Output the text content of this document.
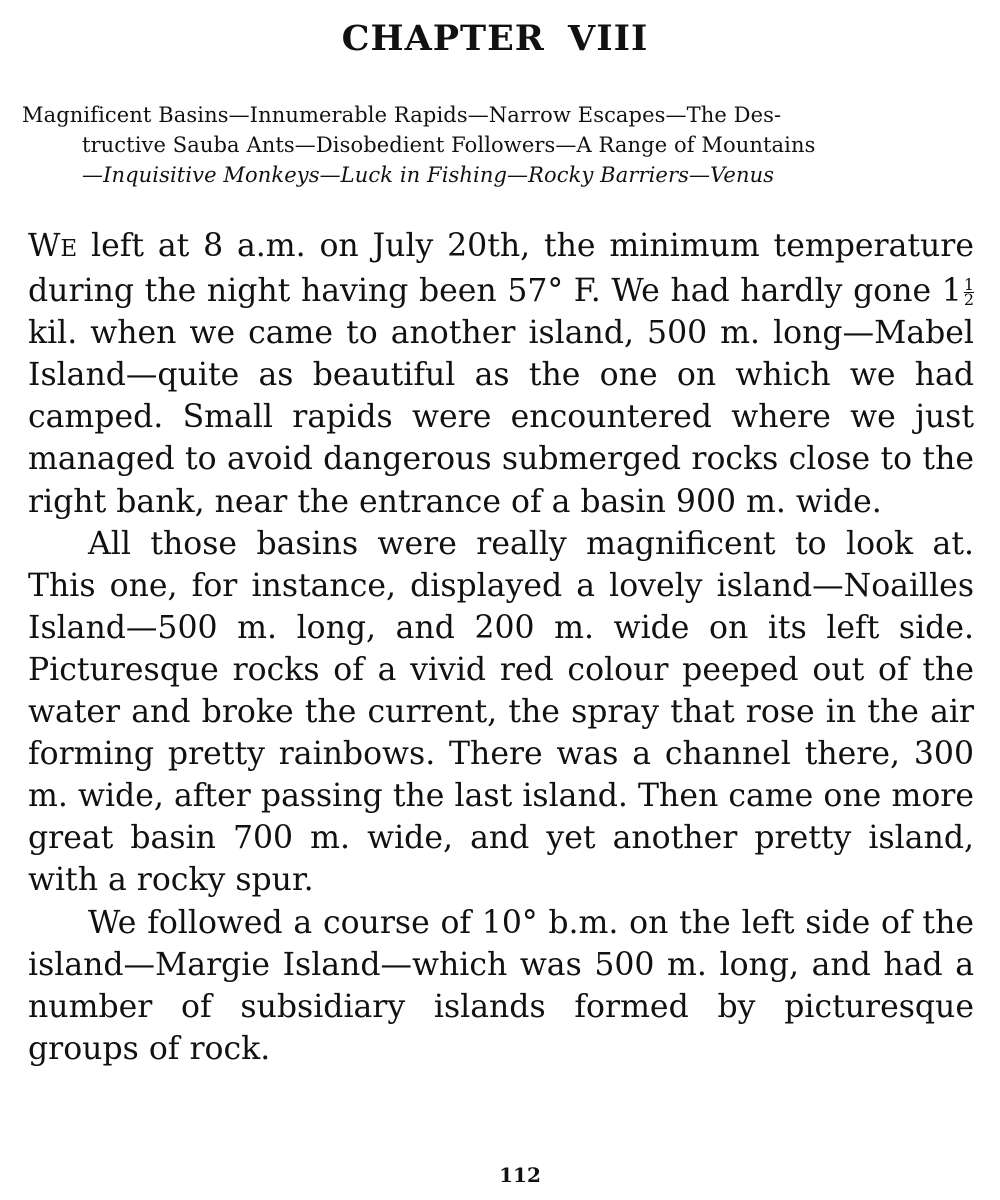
CHAPTER VIII
Magnificent Basins—Innumerable Rapids—Narrow Escapes—The Des-
tructive Sauba Ants—Disobedient Followers—A Range of Mountains
—Inquisitive Monkeys—Luck in Fishing—Rocky Barriers—Venus

WE left at 8 a.m. on July 20th, the minimum temperature during the night having been 57° F. We had hardly gone $1 \frac{1}{2}$
kil. when we came to another island, 500 m. long—Mabel Island—quite as beautiful as the one on which we had camped. Small rapids were encountered where we just managed to avoid dangerous submerged rocks close to the right bank, near the entrance of a basin 900 m. wide.

All those basins were really magnificent to look at. This one, for instance, displayed a lovely island—Noailles Island—500 m. long, and 200 m. wide on its left side. Picturesque rocks of a vivid red colour peeped out of the water and broke the current, the spray that rose in the air forming pretty rainbows. There was a channel there, 300 m. wide, after passing the last island. Then came one more great basin 700 m. wide, and yet another pretty island, with a rocky spur.

We followed a course of 10° b.m. on the left side of the island—Margie Island—which was 500 m. long, and had a number of subsidiary islands formed by picturesque groups of rock.

112
